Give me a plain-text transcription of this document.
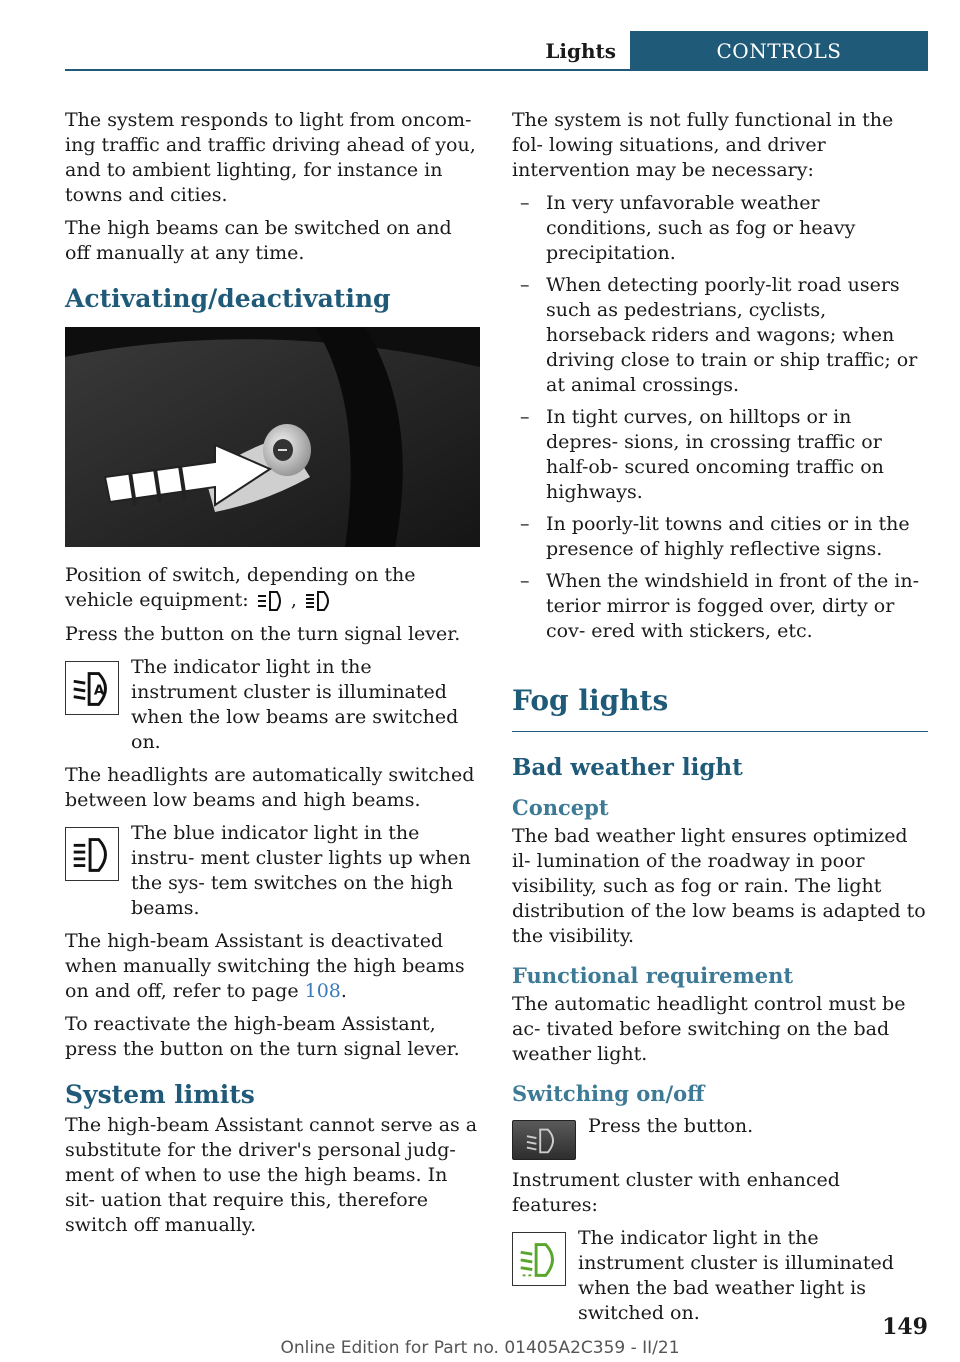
Lights	CONTROLS

The system responds to light from oncom- ing traffic and traffic driving ahead of you, and to ambient lighting, for instance in towns and cities.

The high beams can be switched on and off manually at any time.

Activating/deactivating

Position of switch, depending on the vehicle equipment: ,

Press the button on the turn signal lever.

A

The indicator light in the instrument cluster is illuminated when the low beams are switched on.

The headlights are automatically switched between low beams and high beams.

The blue indicator light in the instru- ment cluster lights up when the sys- tem switches on the high beams.

The high-beam Assistant is deactivated when manually switching the high beams on and off, refer to page 108.

To reactivate the high-beam Assistant, press the button on the turn signal lever.

System limits

The high-beam Assistant cannot serve as a substitute for the driver's personal judg- ment of when to use the high beams. In sit- uation that require this, therefore switch off manually.

The system is not fully functional in the fol- lowing situations, and driver intervention may be necessary:

– In very unfavorable weather conditions, such as fog or heavy precipitation.
– When detecting poorly-lit road users such as pedestrians, cyclists, horseback riders and wagons; when driving close to train or ship traffic; or at animal crossings.
– In tight curves, on hilltops or in depres- sions, in crossing traffic or half-ob- scured oncoming traffic on highways.
– In poorly-lit towns and cities or in the presence of highly reflective signs.
– When the windshield in front of the in- terior mirror is fogged over, dirty or cov- ered with stickers, etc.
Fog lights
Bad weather light
Concept

The bad weather light ensures optimized il- lumination of the roadway in poor visibility, such as fog or rain. The light distribution of the low beams is adapted to the visibility.

Functional requirement

The automatic headlight control must be ac- tivated before switching on the bad weather light.

Switching on/off

Press the button.

Instrument cluster with enhanced features:

The indicator light in the instrument cluster is illuminated when the bad weather light is switched on.

149
Online Edition for Part no. 01405A2C359 - II/21
